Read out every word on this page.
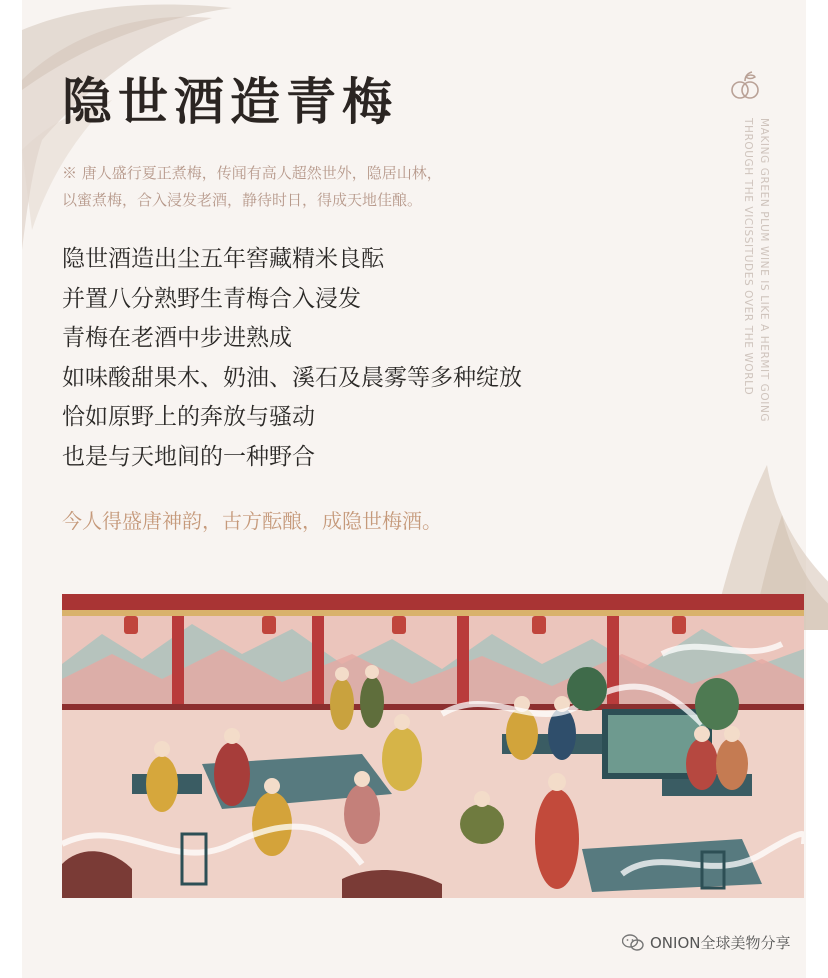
隐世酒造青梅
※ 唐人盛行夏正煮梅，传闻有高人超然世外，隐居山林，
以蜜煮梅，合入浸发老酒，静待时日，得成天地佳酿。
隐世酒造出尘五年窖藏精米良酝
并置八分熟野生青梅合入浸发
青梅在老酒中步进熟成
如味酸甜果木、奶油、溪石及晨雾等多种绽放
恰如原野上的奔放与骚动
也是与天地间的一种野合
今人得盛唐神韵，古方酝酿，成隐世梅酒。
MAKING GREEN PLUM WINE IS LIKE A HERMIT GOING
THROUGH THE VICISSITUDES OVER THE WORLD
ONION全球美物分享
